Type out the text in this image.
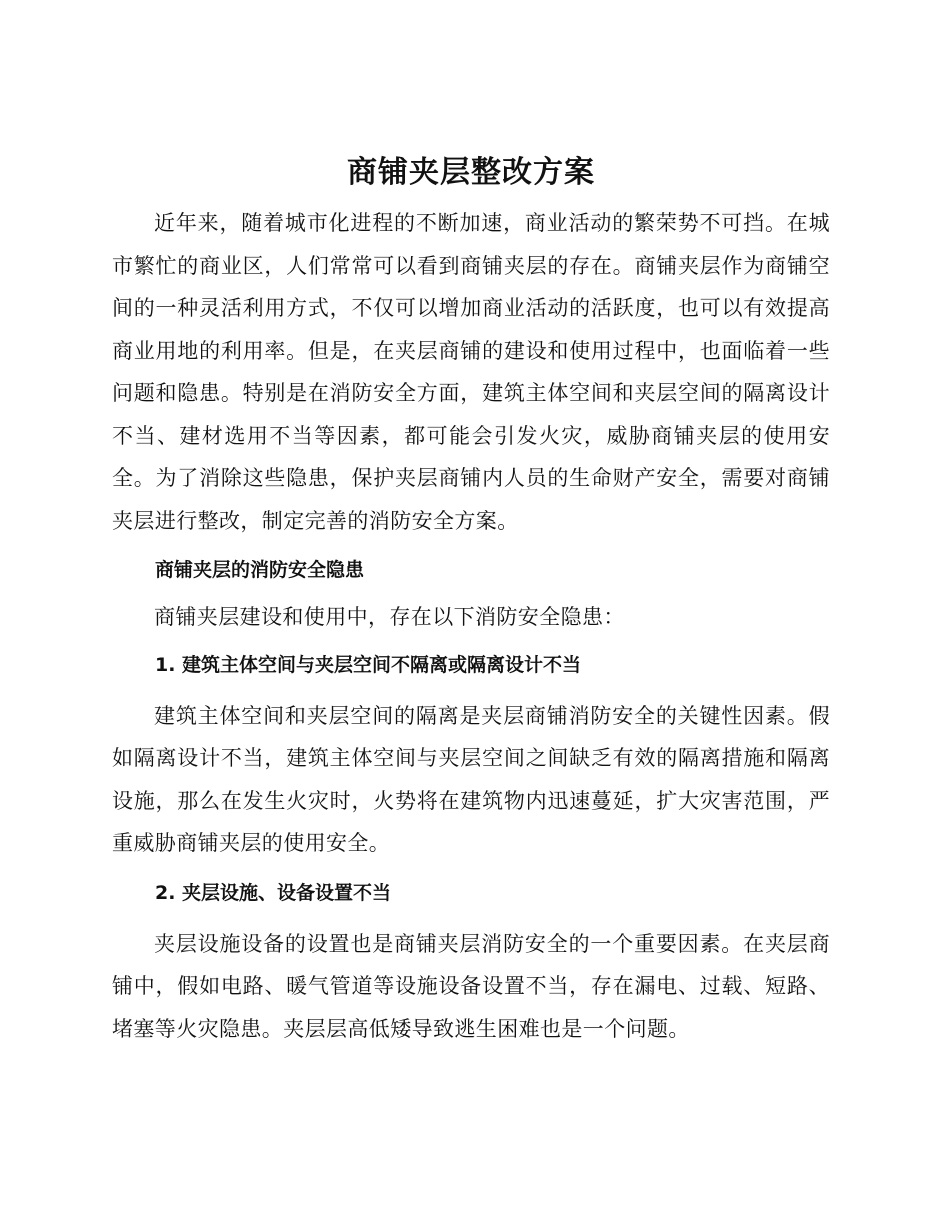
商铺夹层整改方案

近年来，随着城市化进程的不断加速，商业活动的繁荣势不可挡。在城市繁忙的商业区，人们常常可以看到商铺夹层的存在。商铺夹层作为商铺空间的一种灵活利用方式，不仅可以增加商业活动的活跃度，也可以有效提高商业用地的利用率。但是，在夹层商铺的建设和使用过程中，也面临着一些问题和隐患。特别是在消防安全方面，建筑主体空间和夹层空间的隔离设计不当、建材选用不当等因素，都可能会引发火灾，威胁商铺夹层的使用安全。为了消除这些隐患，保护夹层商铺内人员的生命财产安全，需要对商铺夹层进行整改，制定完善的消防安全方案。

商铺夹层的消防安全隐患

商铺夹层建设和使用中，存在以下消防安全隐患：

1. 建筑主体空间与夹层空间不隔离或隔离设计不当

建筑主体空间和夹层空间的隔离是夹层商铺消防安全的关键性因素。假如隔离设计不当，建筑主体空间与夹层空间之间缺乏有效的隔离措施和隔离设施，那么在发生火灾时，火势将在建筑物内迅速蔓延，扩大灾害范围，严重威胁商铺夹层的使用安全。

2. 夹层设施、设备设置不当

夹层设施设备的设置也是商铺夹层消防安全的一个重要因素。在夹层商铺中，假如电路、暖气管道等设施设备设置不当，存在漏电、过载、短路、堵塞等火灾隐患。夹层层高低矮导致逃生困难也是一个问题。
